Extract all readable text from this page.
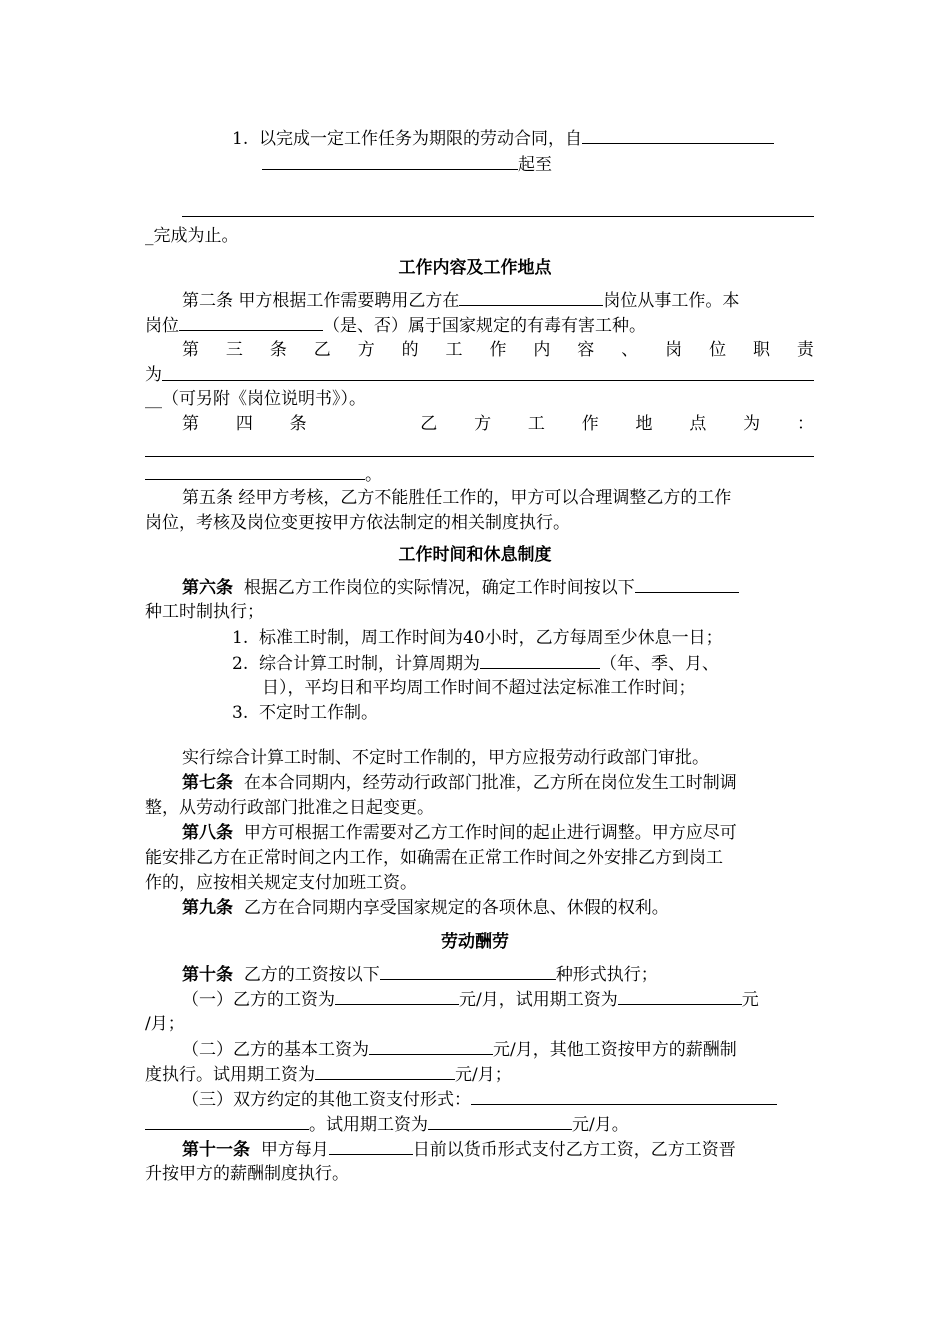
1. 以完成一定工作任务为期限的劳动合同，自
起至
_完成为止。
工作内容及工作地点
第二条 甲方根据工作需要聘用乙方在	岗位从事工作。本
岗位	（是、否）属于国家规定的有毒有害工种。
第 三 条 乙 方 的 工 作 内 容 、 岗 位 职 责
为
__（可另附《岗位说明书》）。
第 四 条	乙 方 工 作 地 点 为 ：
。
第五条 经甲方考核，乙方不能胜任工作的，甲方可以合理调整乙方的工作
岗位，考核及岗位变更按甲方依法制定的相关制度执行。
工作时间和休息制度
第六条 根据乙方工作岗位的实际情况，确定工作时间按以下
种工时制执行；
1. 标准工时制，周工作时间为40小时，乙方每周至少休息一日；
2. 综合计算工时制，计算周期为	（年、季、月、
日），平均日和平均周工作时间不超过法定标准工作时间；
3. 不定时工作制。
实行综合计算工时制、不定时工作制的，甲方应报劳动行政部门审批。
第七条 在本合同期内，经劳动行政部门批准，乙方所在岗位发生工时制调
整，从劳动行政部门批准之日起变更。
第八条 甲方可根据工作需要对乙方工作时间的起止进行调整。甲方应尽可
能安排乙方在正常时间之内工作，如确需在正常工作时间之外安排乙方到岗工
作的，应按相关规定支付加班工资。
第九条 乙方在合同期内享受国家规定的各项休息、休假的权利。
劳动酬劳
第十条 乙方的工资按以下	种形式执行；
（一）乙方的工资为	元/月，试用期工资为	元
/月；
（二）乙方的基本工资为	元/月，其他工资按甲方的薪酬制
度执行。试用期工资为	元/月；
（三）双方约定的其他工资支付形式：
。试用期工资为	元/月。
第十一条 甲方每月	日前以货币形式支付乙方工资，乙方工资晋
升按甲方的薪酬制度执行。
